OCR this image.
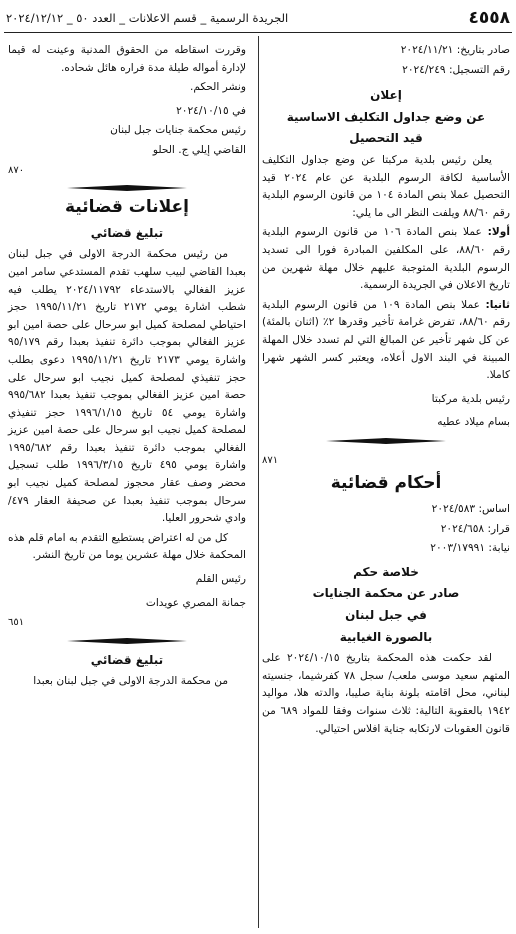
٤٥٥٨
الجريدة الرسمية _ قسم الاعلانات _ العدد ٥٠ _ ٢٠٢٤/١٢/١٢

صادر بتاريخ: ٢٠٢٤/١١/٢١

رقم التسجيل: ٢٠٢٤/٢٤٩

إعلان
عن وضع جداول التكليف الاساسية
قيد التحصيل

يعلن رئيس بلدية مركبتا عن وضع جداول التكليف الأساسية لكافة الرسوم البلدية عن عام ٢٠٢٤ قيد التحصيل عملا بنص المادة ١٠٤ من قانون الرسوم البلدية رقم ٨٨/٦٠ ويلفت النظر الى ما يلي:

أولا: عملا بنص المادة ١٠٦ من قانون الرسوم البلدية رقم ٨٨/٦٠، على المكلفين المبادرة فورا الى تسديد الرسوم البلدية المتوجبة عليهم خلال مهلة شهرين من تاريخ الاعلان في الجريدة الرسمية.

ثانيا: عملا بنص المادة ١٠٩ من قانون الرسوم البلدية رقم ٨٨/٦٠، تفرض غرامة تأخير وقدرها ٢٪ (اثنان بالمئة) عن كل شهر تأخير عن المبالغ التي لم تسدد خلال المهلة المبينة في البند الاول أعلاه، ويعتبر كسر الشهر شهرا كاملا.

رئيس بلدية مركبتا

بسام ميلاد عطيه

٨٧١
أحكام قضائية

اساس: ٢٠٢٤/٥٨٣

قرار: ٢٠٢٤/٦٥٨

نيابة: ٢٠٠٣/١٧٩٩١

خلاصة حكم
صادر عن محكمة الجنايات
في جبل لبنان
بالصورة الغيابية

لقد حكمت هذه المحكمة بتاريخ ٢٠٢٤/١٠/١٥ على المتهم سعيد موسى ملعب/ سجل ٧٨ كفرشيما، جنسيته لبناني، محل اقامته بلونة بناية صليبا، والدته هلا، مواليد ١٩٤٢ بالعقوبة التالية: ثلاث سنوات وفقا للمواد ٦٨٩ من قانون العقوبات لارتكابه جناية افلاس احتيالي.

وقررت اسقاطه من الحقوق المدنية وعينت له قيما لإدارة أمواله طيلة مدة فراره هائل شحاده.

ونشر الحكم.

في ٢٠٢٤/١٠/١٥

رئيس محكمة جنايات جبل لبنان

القاضي إيلي ج. الحلو

٨٧٠
إعلانات قضائية
تبليغ قضائي

من رئيس محكمة الدرجة الاولى في جبل لبنان بعبدا القاضي لبيب سلهب تقدم المستدعي سامر امين عزيز الفغالي بالاستدعاء ٢٠٢٤/١١٧٩٢ يطلب فيه شطب اشارة يومي ٢١٧٢ تاريخ ١٩٩٥/١١/٢١ حجز احتياطي لمصلحة كميل ابو سرحال على حصة امين ابو عزيز الفغالي بموجب دائرة تنفيذ بعبدا رقم ٩٥/١٧٩ واشارة يومي ٢١٧٣ تاريخ ١٩٩٥/١١/٢١ دعوى بطلب حجز تنفيذي لمصلحة كميل نجيب ابو سرحال على حصة امين عزيز الفغالي بموجب تنفيذ بعبدا ٩٩٥/٦٨٢ واشارة يومي ٥٤ تاريخ ١٩٩٦/١/١٥ حجز تنفيذي لمصلحة كميل نجيب ابو سرحال على حصة امين عزيز الفغالي بموجب دائرة تنفيذ بعبدا رقم ١٩٩٥/٦٨٢ واشارة يومي ٤٩٥ تاريخ ١٩٩٦/٣/١٥ طلب تسجيل محضر وصف عقار محجوز لمصلحة كميل نجيب ابو سرحال بموجب تنفيذ بعبدا عن صحيفة العقار ٤٧٩/ وادي شحرور العليا.

كل من له اعتراض يستطيع التقدم به امام قلم هذه المحكمة خلال مهلة عشرين يوما من تاريخ النشر.

رئيس القلم

جمانة المصري عويدات

٦٥١
تبليغ قضائي

من محكمة الدرجة الاولى في جبل لبنان بعبدا
